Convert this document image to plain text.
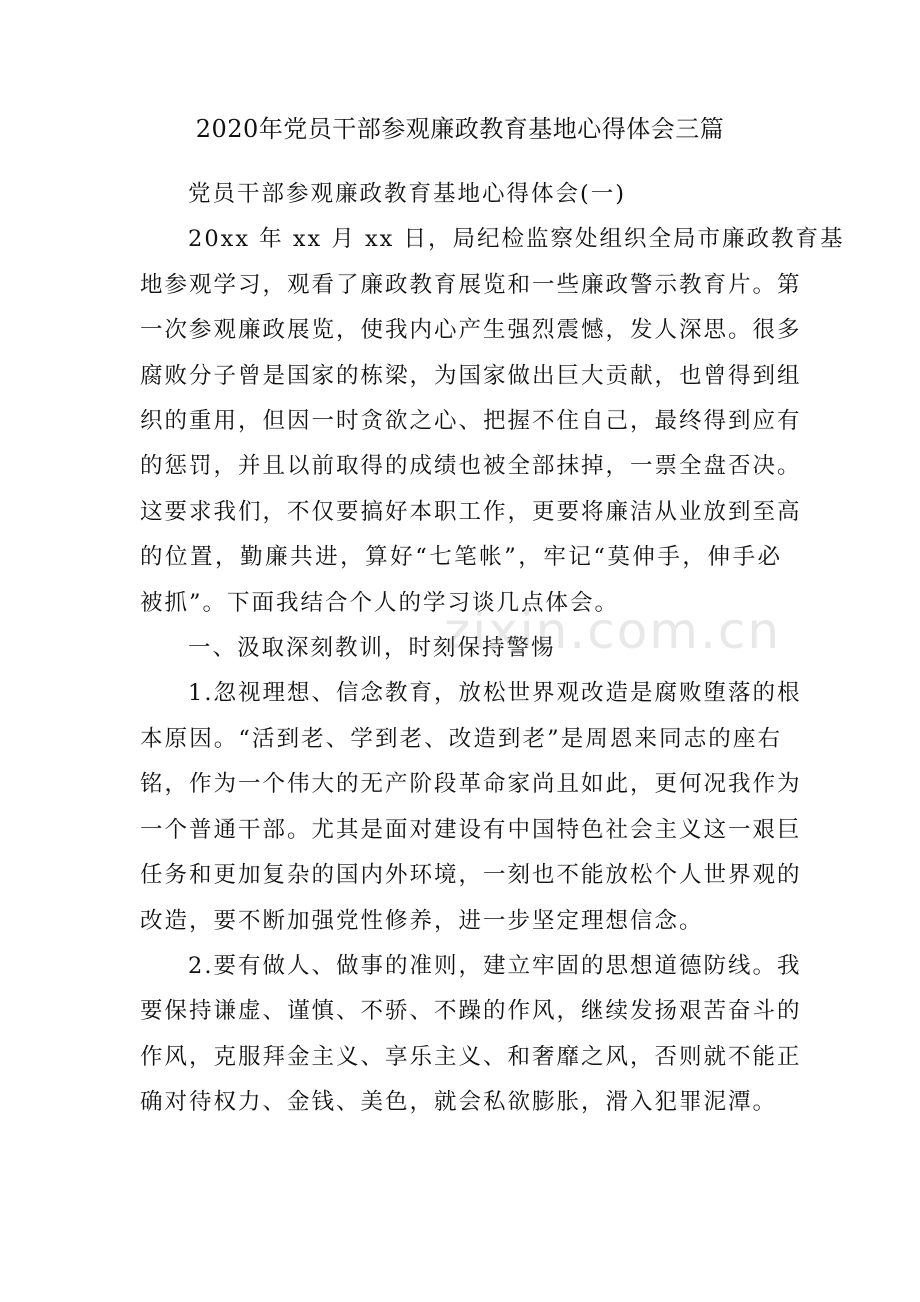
2020年党员干部参观廉政教育基地心得体会三篇
党员干部参观廉政教育基地心得体会(一)
20xx 年 xx 月 xx 日，局纪检监察处组织全局市廉政教育基
地参观学习，观看了廉政教育展览和一些廉政警示教育片。第
一次参观廉政展览，使我内心产生强烈震憾，发人深思。很多
腐败分子曾是国家的栋梁，为国家做出巨大贡献，也曾得到组
织的重用，但因一时贪欲之心、把握不住自己，最终得到应有
的惩罚，并且以前取得的成绩也被全部抹掉，一票全盘否决。
这要求我们，不仅要搞好本职工作，更要将廉洁从业放到至高
的位置，勤廉共进，算好“七笔帐”，牢记“莫伸手，伸手必
被抓”。下面我结合个人的学习谈几点体会。
一、汲取深刻教训，时刻保持警惕
1.忽视理想、信念教育，放松世界观改造是腐败堕落的根
本原因。“活到老、学到老、改造到老”是周恩来同志的座右
铭，作为一个伟大的无产阶段革命家尚且如此，更何况我作为
一个普通干部。尤其是面对建设有中国特色社会主义这一艰巨
任务和更加复杂的国内外环境，一刻也不能放松个人世界观的
改造，要不断加强党性修养，进一步坚定理想信念。
2.要有做人、做事的准则，建立牢固的思想道德防线。我
要保持谦虚、谨慎、不骄、不躁的作风，继续发扬艰苦奋斗的
作风，克服拜金主义、享乐主义、和奢靡之风，否则就不能正
确对待权力、金钱、美色，就会私欲膨胀，滑入犯罪泥潭。
zixin.com.cn
